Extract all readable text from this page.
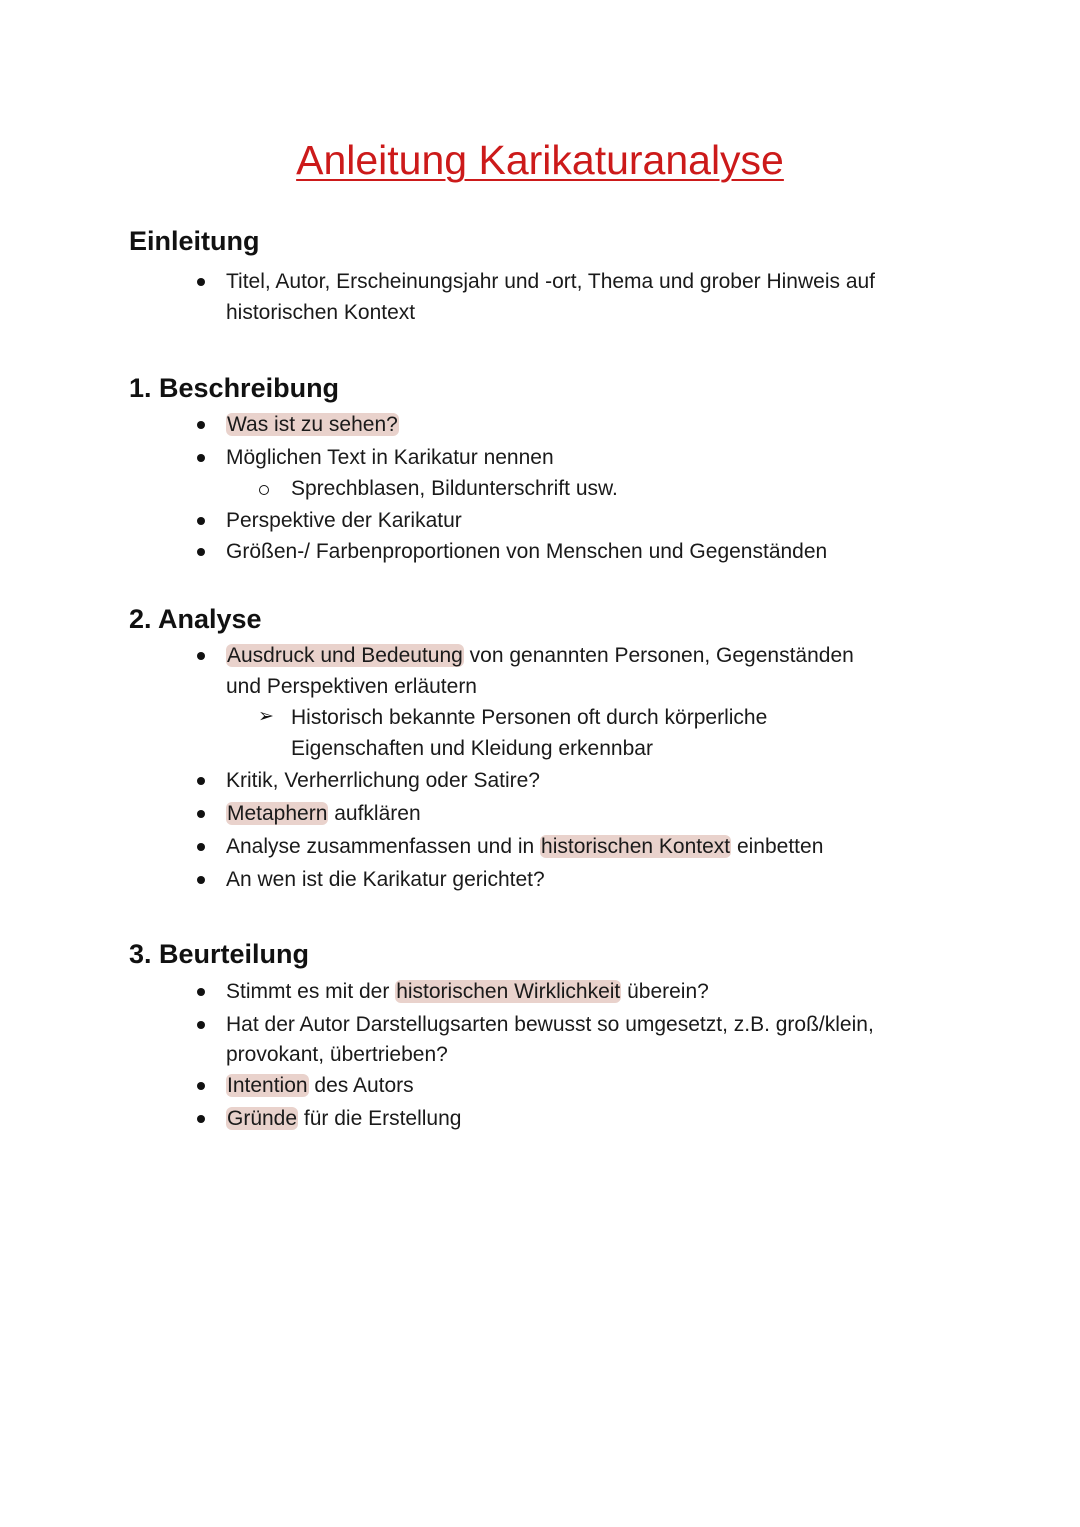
Anleitung Karikaturanalyse
Einleitung
Titel, Autor, Erscheinungsjahr und -ort, Thema und grober Hinweis auf
historischen Kontext
1. Beschreibung
Was ist zu sehen?
Möglichen Text in Karikatur nennen
Sprechblasen, Bildunterschrift usw.
Perspektive der Karikatur
Größen-/ Farbenproportionen von Menschen und Gegenständen
2. Analyse
Ausdruck und Bedeutung von genannten Personen, Gegenständen
und Perspektiven erläutern
➢ Historisch bekannte Personen oft durch körperliche
Eigenschaften und Kleidung erkennbar
Kritik, Verherrlichung oder Satire?
Metaphern aufklären
Analyse zusammenfassen und in historischen Kontext einbetten
An wen ist die Karikatur gerichtet?
3. Beurteilung
Stimmt es mit der historischen Wirklichkeit überein?
Hat der Autor Darstellugsarten bewusst so umgesetzt, z.B. groß/klein,
provokant, übertrieben?
Intention des Autors
Gründe für die Erstellung
